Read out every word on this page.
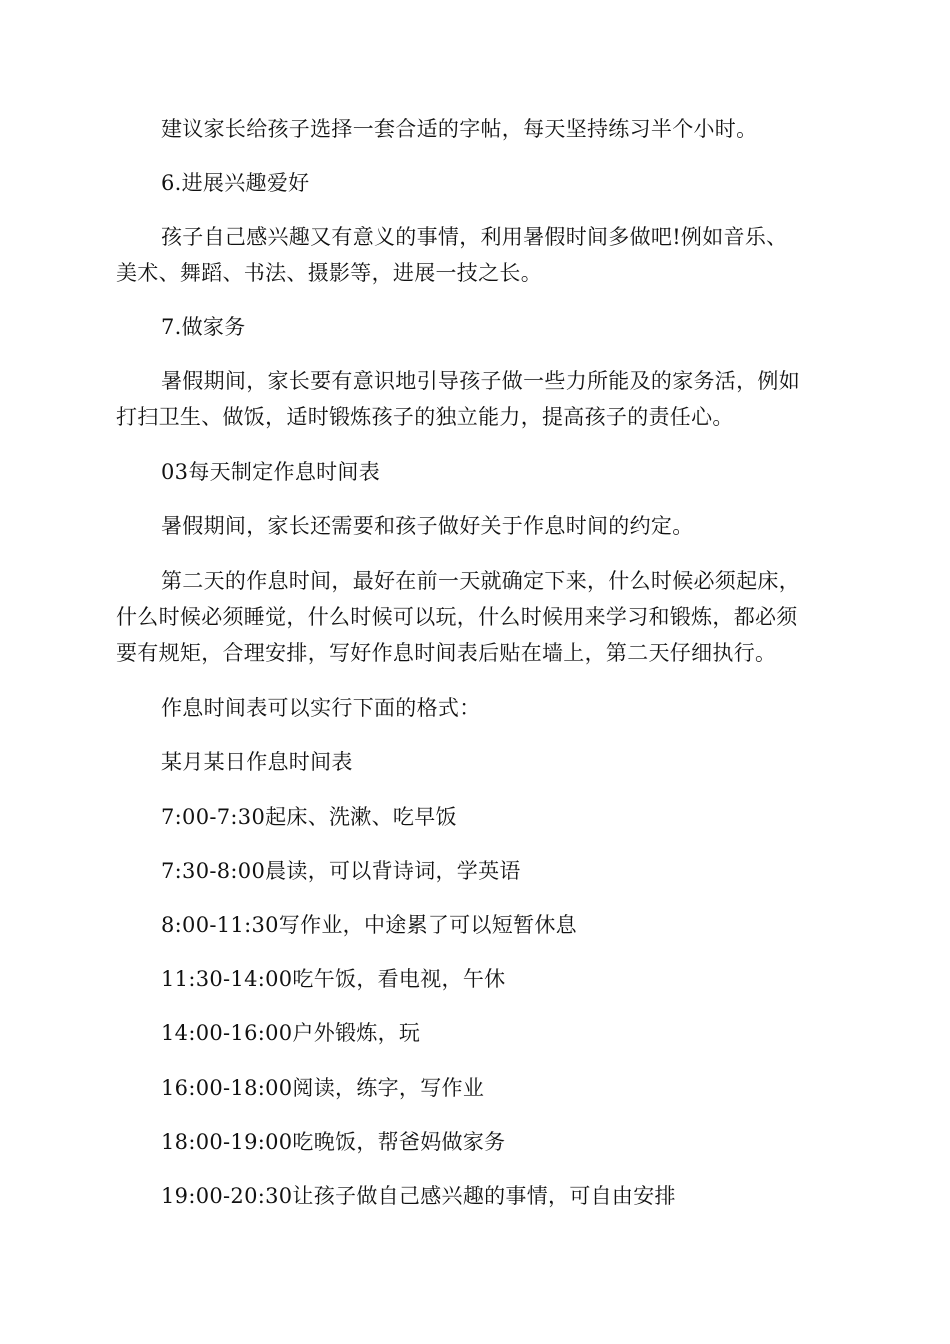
建议家长给孩子选择一套合适的字帖，每天坚持练习半个小时。

6.进展兴趣爱好

孩子自己感兴趣又有意义的事情，利用暑假时间多做吧!例如音乐、
美术、舞蹈、书法、摄影等，进展一技之长。

7.做家务

暑假期间，家长要有意识地引导孩子做一些力所能及的家务活，例如
打扫卫生、做饭，适时锻炼孩子的独立能力，提高孩子的责任心。

03每天制定作息时间表

暑假期间，家长还需要和孩子做好关于作息时间的约定。

第二天的作息时间，最好在前一天就确定下来，什么时候必须起床，
什么时候必须睡觉，什么时候可以玩，什么时候用来学习和锻炼，都必须
要有规矩，合理安排，写好作息时间表后贴在墙上，第二天仔细执行。

作息时间表可以实行下面的格式：

某月某日作息时间表

7:00-7:30起床、洗漱、吃早饭

7:30-8:00晨读，可以背诗词，学英语

8:00-11:30写作业，中途累了可以短暂休息

11:30-14:00吃午饭，看电视，午休

14:00-16:00户外锻炼，玩

16:00-18:00阅读，练字，写作业

18:00-19:00吃晚饭，帮爸妈做家务

19:00-20:30让孩子做自己感兴趣的事情，可自由安排
